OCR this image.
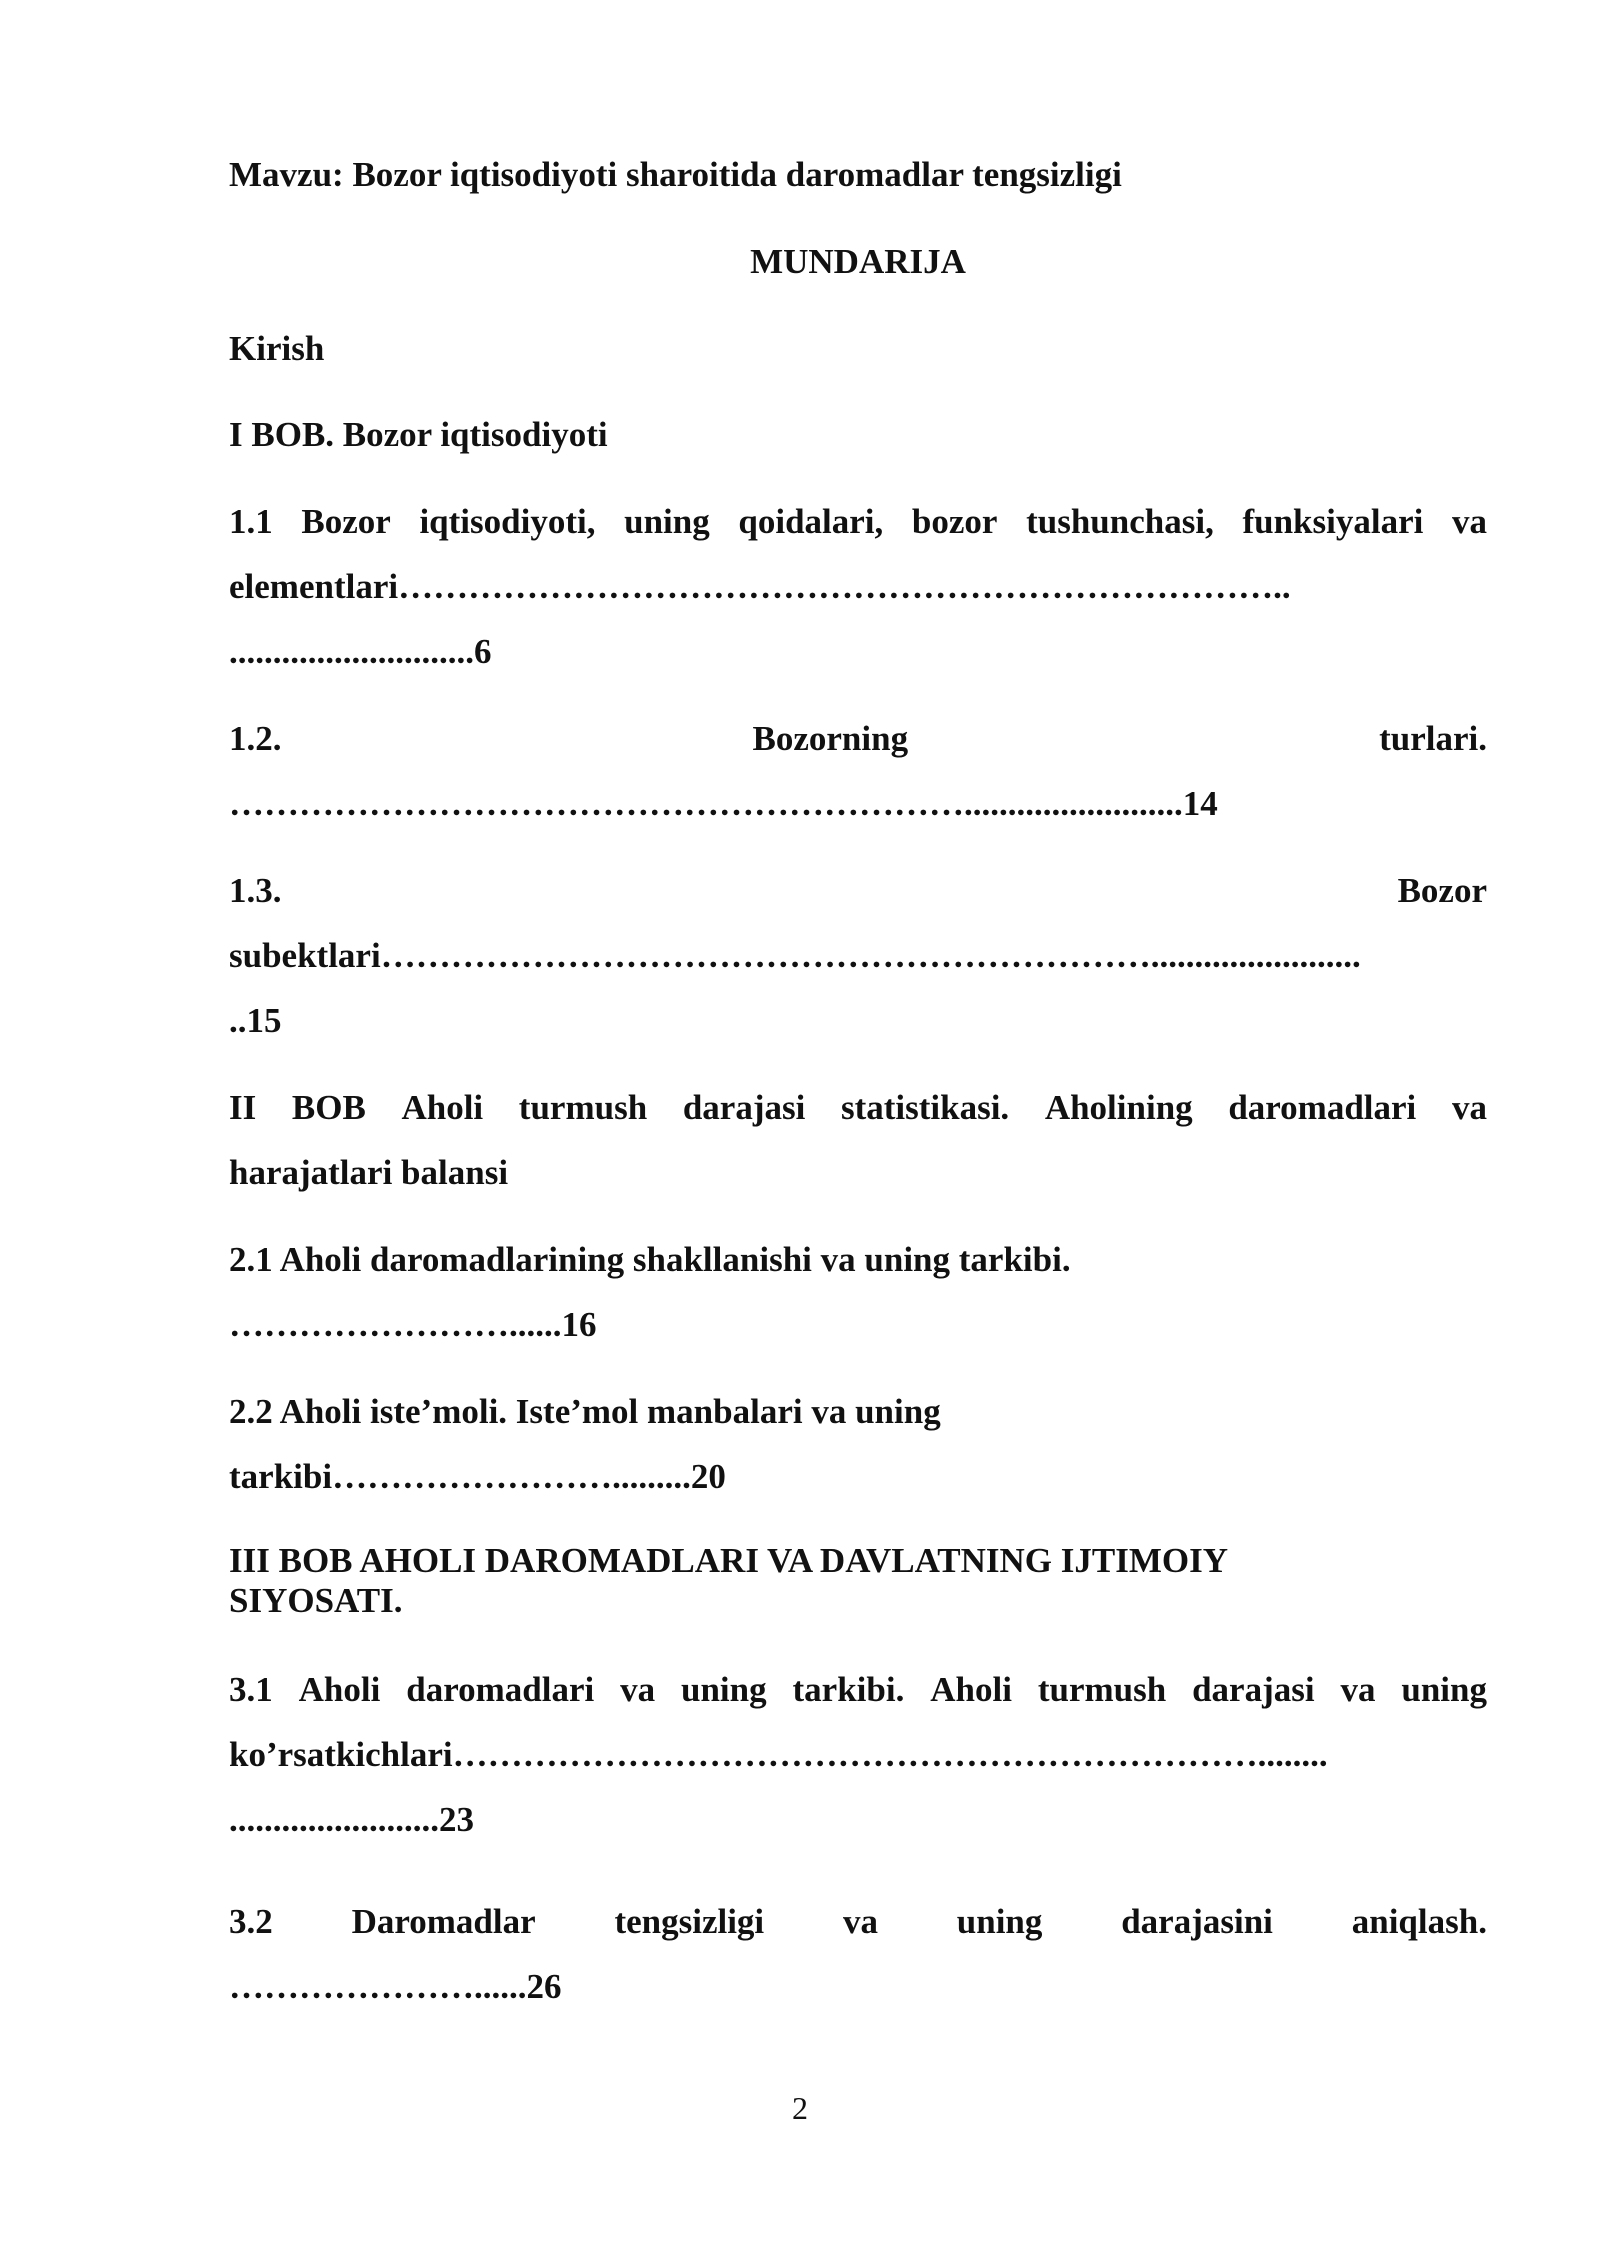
Mavzu: Bozor iqtisodiyoti sharoitida daromadlar tengsizligi
MUNDARIJA
Kirish
I BOB. Bozor iqtisodiyoti
1.1 Bozor iqtisodiyoti, uning qoidalari, bozor tushunchasi, funksiyalari va
elementlari…………………………………………………………………..
............................6
1.2.	Bozorning	turlari.
……………………………………………………….........................14
1.3.	Bozor
subektlari…………………………………………………………........................
..15
II BOB Aholi turmush darajasi statistikasi. Aholining daromadlari va
harajatlari balansi
2.1 Aholi daromadlarining shakllanishi va uning tarkibi.
……………………......16
2.2 Aholi iste’moli. Iste’mol manbalari va uning
tarkibi…………………….........20
III BOB AHOLI DAROMADLARI VA DAVLATNING IJTIMOIY
SIYOSATI.
3.1 Aholi daromadlari va uning tarkibi. Aholi turmush darajasi va uning
ko’rsatkichlari……………………………………………………………........
........................23
3.2 Daromadlar tengsizligi va uning darajasini aniqlash.
…………………......26
2
